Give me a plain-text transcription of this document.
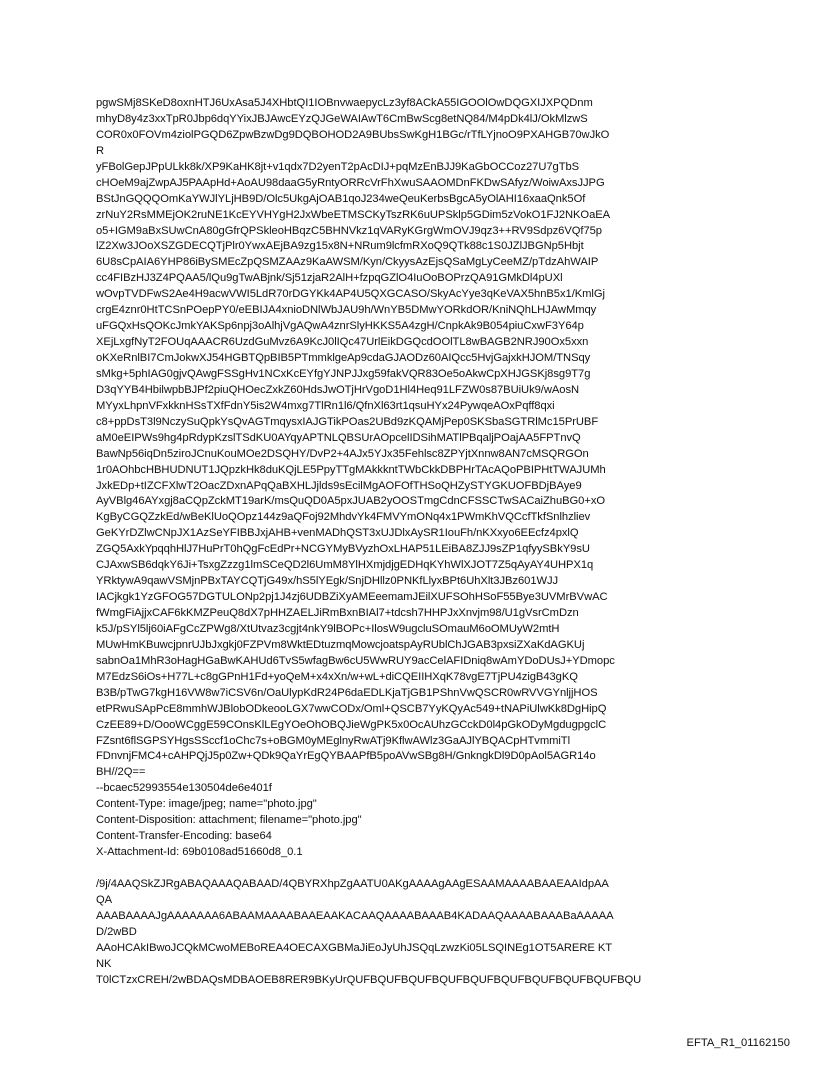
pgwSMj8SKeD8oxnHTJ6UxAsa5J4XHbtQI1IOBnvwaepycLz3yf8ACkA55IGOOlOwDQGXIJXPQDnm
mhyD8y4z3xxTpR0Jbp6dqYYixJBJAwcEYzQJGeWAIAwT6CmBwScg8etNQ84/M4pDk4lJ/OkMlzwS
COR0x0FOVm4ziolPGQD6ZpwBzwDg9DQBOHOD2A9BUbsSwKgH1BGc/rTfLYjnoO9PXAHGB70wJkO
R
yFBolGepJPpULkk8k/XP9KaHK8jt+v1qdx7D2yenT2pAcDIJ+pqMzEnBJJ9KaGbOCCoz27U7gTbS
cHOeM9ajZwpAJ5PAApHd+AoAU98daaG5yRntyORRcVrFhXwuSAAOMDnFKDwSAfyz/WoiwAxsJJPG
BStJnGQQQOmKaYWJlYLjHB9D/Olc5UkgAjOAB1qoJ234weQeuKerbsBgcA5yOlAHI16xaaQnk5Of
zrNuY2RsMMEjOK2ruNE1KcEYVHYgH2JxWbeETMSCKyTszRK6uUPSklp5GDim5zVokO1FJ2NKOaEA
o5+IGM9aBxSUwCnA80gGfrQPSkleoHBqzC5BHNVkz1qVARyKGrgWmOVJ9qz3++RV9Sdpz6VQf75p
lZ2Xw3JOoXSZGDECQTjPlr0YwxAEjBA9zg15x8N+NRum9lcfmRXoQ9QTk88c1S0JZlJBGNp5Hbjt
6U8sCpAIA6YHP86iBySMEcZpQSMZAAz9KaAWSM/Kyn/CkyysAzEjsQSaMgLyCeeMZ/pTdzAhWAIP
cc4FIBzHJ3Z4PQAA5/lQu9gTwABjnk/Sj51zjaR2AlH+fzpqGZlO4IuOoBOPrzQA91GMkDl4pUXl
wOvpTVDFwS2Ae4H9acwVWI5LdR70rDGYKk4AP4U5QXGCASO/SkyAcYye3qKeVAX5hnB5x1/KmlGj
crgE4znr0HtTCSnPOepPY0/eEBIJA4xnioDNlWbJAU9h/WnYB5DMwYORkdOR/KniNQhLHJAwMmqy
uFGQxHsQOKcJmkYAKSp6npj3oAlhjVgAQwA4znrSlyHKKS5A4zgH/CnpkAk9B054piuCxwF3Y64p
XEjLxgfNyT2FOUqAAACR6UzdGuMvz6A9KcJ0lIQc47UrlEikDGQcdOOlTL8wBAGB2NRJ90Ox5xxn
oKXeRnlBI7CmJokwXJ54HGBTQpBIB5PTmmklgeAp9cdaGJAODz60AIQcc5HvjGajxkHJOM/TNSqy
sMkg+5phIAG0gjvQAwgFSSgHv1NCxKcEYfgYJNPJJxg59fakVQR83Oe5oAkwCpXHJGSKj8sg9T7g
D3qYYB4HbilwpbBJPf2piuQHOecZxkZ60HdsJwOTjHrVgoD1Hl4Heq91LFZW0s87BUiUk9/wAosN
MYyxLhpnVFxkknHSsTXfFdnY5is2W4mxg7TlRn1l6/QfnXl63rt1qsuHYx24PywqeAOxPqff8qxi
c8+ppDsT3l9NczySuQpkYsQvAGTmqysxIAJGTikPOas2UBd9zKQAMjPep0SKSbaSGTRlMc15PrUBF
aM0eEIPWs9hg4pRdypKzslTSdKU0AYqyAPTNLQBSUrAOpcelIDSihMATlPBqaljPOajAA5FPTnvQ
BawNp56iqDn5ziroJCnuKouMOe2DSQHY/DvP2+4AJx5YJx35Fehlsc8ZPYjtXnnw8AN7cMSQRGOn
1r0AOhbcHBHUDNUT1JQpzkHk8duKQjLE5PpyTTgMAkkkntTWbCkkDBPHrTAcAQoPBIPHtTWAJUMh
JxkEDp+tIZCFXlwT2OacZDxnAPqQaBXHLJjlds9sEcilMgAOFOfTHSoQHZySTYGKUOFBDjBAye9
AyVBlg46AYxgj8aCQpZckMT19arK/msQuQD0A5pxJUAB2yOOSTmgCdnCFSSCTwSACaiZhuBG0+xO
KgByCGQZzkEd/wBeKlUoQOpz144z9aQFoj92MhdvYk4FMVYmONq4x1PWmKhVQCcfTkfSnlhzliev
GeKYrDZlwCNpJX1AzSeYFIBBJxjAHB+venMADhQST3xUJDlxAySR1IouFh/nKXxyo6EEcfz4pxlQ
ZGQ5AxkYpqqhHlJ7HuPrT0hQgFcEdPr+NCGYMyBVyzhOxLHAP51LEiBA8ZJJ9sZP1qfyySBkY9sU
CJAxwSB6dqkY6Ji+TsxgZzzg1lmSCeQD2l6UmM8YlHXmjdjgEDHqKYhWlXJOT7Z5qAyAY4UHPX1q
YRktywA9qawVSMjnPBxTAYCQTjG49x/hS5lYEgk/SnjDHllz0PNKfLlyxBPt6UhXlt3JBz601WJJ
IACjkgk1YzGFOG57DGTULONp2pj1J4zj6UDBZiXyAMEeemamJEilXUFSOhHSoF55Bye3UVMrBVwAC
fWmgFiAjjxCAF6kKMZPeuQ8dX7pHHZAELJiRmBxnBIAl7+tdcsh7HHPJxXnvjm98/U1gVsrCmDzn
k5J/pSYl5lj60iAFgCcZPWg8/XtUtvaz3cgjt4nkY9lBOPc+IlosW9ugcluSOmauM6oOMUyW2mtH
MUwHmKBuwcjpnrUJbJxgkj0FZPVm8WktEDtuzmqMowcjoatspAyRUblChJGAB3pxsiZXaKdAGKUj
sabnOa1MhR3oHagHGaBwKAHUd6TvS5wfagBw6cU5WwRUY9acCelAFIDniq8wAmYDoDUsJ+YDmopc
M7EdzS6iOs+H77L+c8gGPnH1Fd+yoQeM+x4xXn/w+wL+diCQEIIHXqK78vgE7TjPU4zigB43gKQ
B3B/pTwG7kgH16VW8w7iCSV6n/OaUlypKdR24P6daEDLKjaTjGB1PShnVwQSCR0wRVVGYnljjHOS
etPRwuSApPcE8mmhWJBlobODkeooLGX7wwCODx/Oml+QSCB7YyKQyAc549+tNAPiUlwKk8DgHipQ
CzEE89+D/OooWCggE59COnsKlLEgYOeOhOBQJieWgPK5x0OcAUhzGCckD0l4pGkODyMgdugpgclC
FZsnt6flSGPSYHgsSSccf1oChc7s+oBGM0yMEglnyRwATj9KflwAWlz3GaAJlYBQACpHTvmmiTl
FDnvnjFMC4+cAHPQjJ5p0Zw+QDk9QaYrEgQYBAAPfB5poAVwSBg8H/GnkngkDl9D0pAol5AGR14o
BH//2Q==
--bcaec52993554e130504de6e401f
Content-Type: image/jpeg; name="photo.jpg"
Content-Disposition: attachment; filename="photo.jpg"
Content-Transfer-Encoding: base64
X-Attachment-Id: 69b0108ad51660d8_0.1
/9j/4AAQSkZJRgABAQAAAQABAAD/4QBYRXhpZgAATU0AKgAAAAgAAgESAAMAAAABAAEAAIdpAA
QA
AAABAAAAJgAAAAAAA6ABAAMAAAABAAEAAKACAAQAAAABAAAB4KADAAQAAAABAAABaAAAAA
D/2wBD
AAoHCAkIBwoJCQkMCwoMEBoREA4OECAXGBMaJiEoJyUhJSQqLzwzKi05LSQINEg1OT5ARERE KT
NK
T0lCTzxCREH/2wBDAQsMDBAOEB8RER9BKyUrQUFBQUFBQUFBQUFBQUFBQUFBQUFBQUFBQUFBQU
EFTA_R1_01162150
